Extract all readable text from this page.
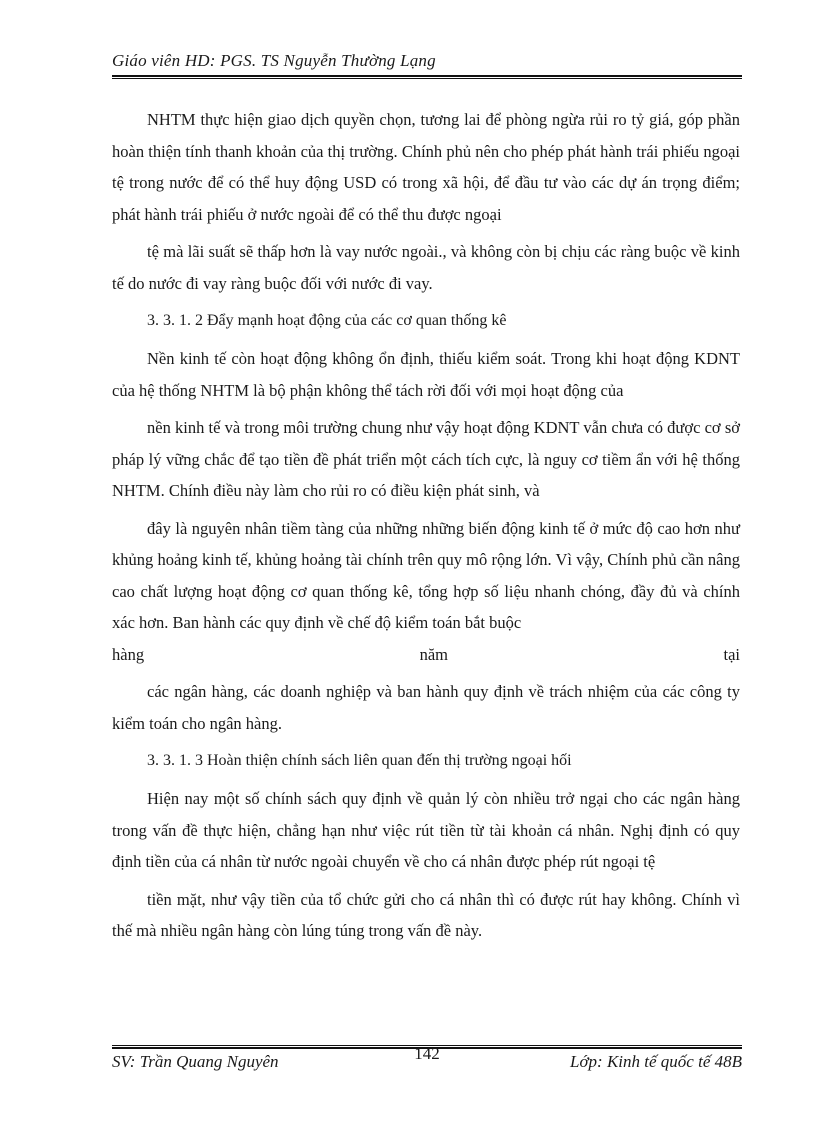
Giáo viên HD: PGS. TS Nguyễn Thường Lạng

NHTM thực hiện giao dịch quyền chọn, tương lai để phòng ngừa rủi ro tỷ giá, góp phần hoàn thiện tính thanh khoản của thị trường. Chính phủ nên cho phép phát hành trái phiếu ngoại tệ trong nước để có thể huy động USD có trong xã hội, để đầu tư vào các dự án trọng điểm; phát hành trái phiếu ở nước ngoài để có thể thu được ngoại

tệ mà lãi suất sẽ thấp hơn là vay nước ngoài., và không còn bị chịu các ràng buộc về kinh tế do nước đi vay ràng buộc đối với nước đi vay.

3. 3. 1. 2 Đẩy mạnh hoạt động của các cơ quan thống kê

Nền kinh tế còn hoạt động không ổn định, thiếu kiểm soát. Trong khi hoạt động KDNT của hệ thống NHTM là bộ phận không thể tách rời đối với mọi hoạt động của

nền kinh tế và trong môi trường chung như vậy hoạt động KDNT vẫn chưa có được cơ sở pháp lý vững chắc để tạo tiền đề phát triển một cách tích cực, là nguy cơ tiềm ẩn với hệ thống NHTM. Chính điều này làm cho rủi ro có điều kiện phát sinh, và

đây là nguyên nhân tiềm tàng của những những biến động kinh tế ở mức độ cao hơn như khủng hoảng kinh tế, khủng hoảng tài chính trên quy mô rộng lớn. Vì vậy, Chính phủ cần nâng cao chất lượng hoạt động cơ quan thống kê, tổng hợp số liệu nhanh chóng, đầy đủ và chính xác hơn. Ban hành các quy định về chế độ kiểm toán bắt buộc

hàng	năm	tại

các ngân hàng, các doanh nghiệp và ban hành quy định về trách nhiệm của các công ty kiểm toán cho ngân hàng.

3. 3. 1. 3 Hoàn thiện chính sách liên quan đến thị trường ngoại hối

Hiện nay một số chính sách quy định về quản lý còn nhiều trở ngại cho các ngân hàng trong vấn đề thực hiện, chẳng hạn như việc rút tiền từ tài khoản cá nhân. Nghị định có quy định tiền của cá nhân từ nước ngoài chuyển về cho cá nhân được phép rút ngoại tệ

tiền mặt, như vậy tiền của tổ chức gửi cho cá nhân thì có được rút hay không. Chính vì thế mà nhiều ngân hàng còn lúng túng trong vấn đề này.

SV: Trần Quang Nguyên	142	Lớp: Kinh tế quốc tế 48B
